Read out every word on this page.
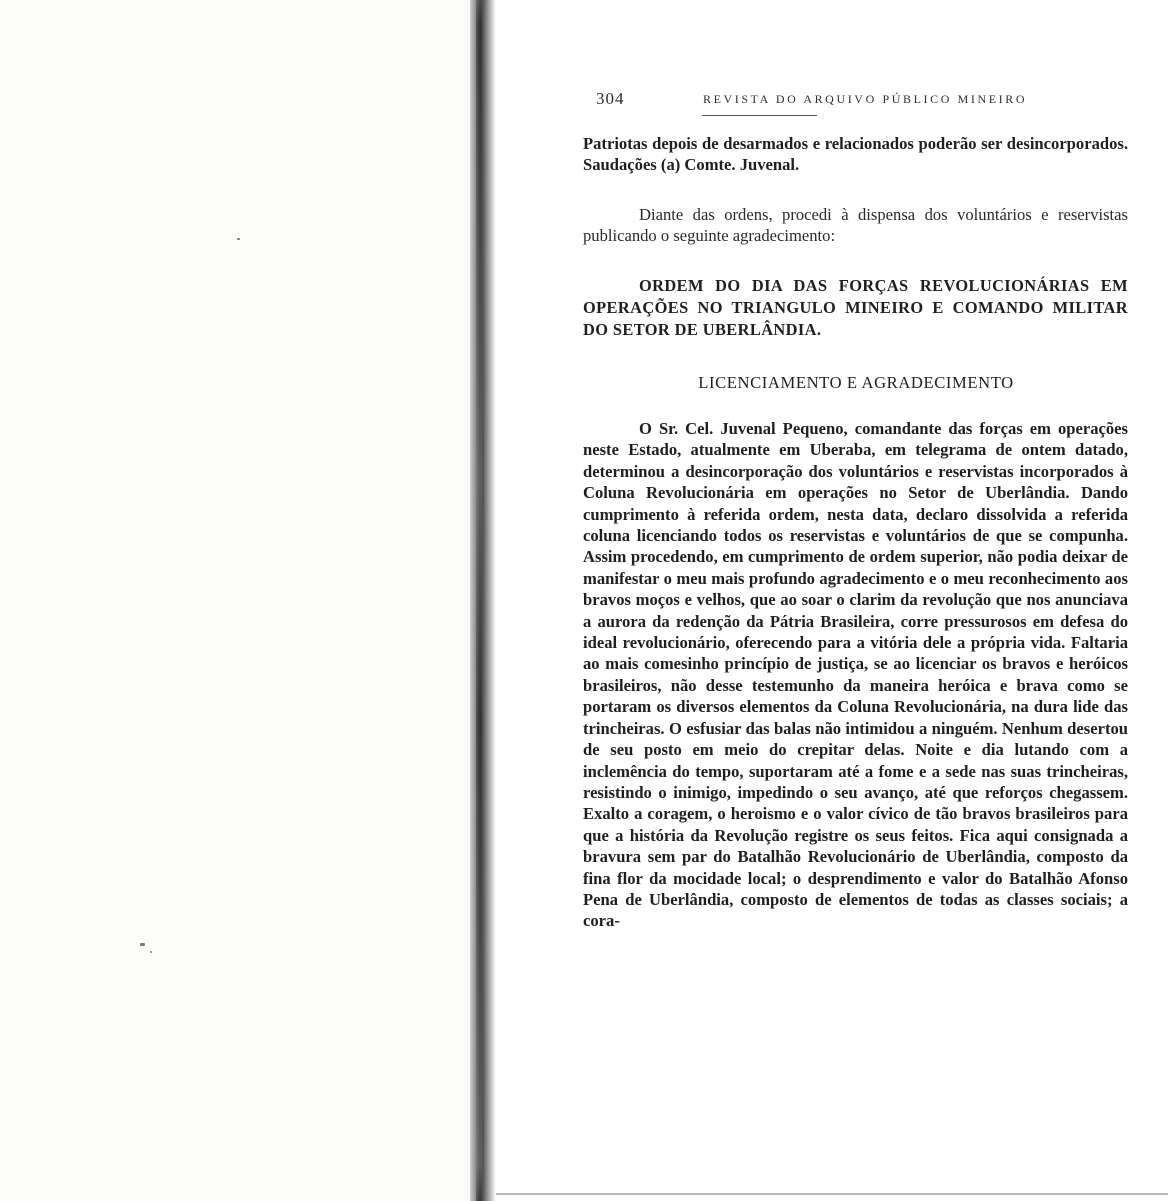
304	REVISTA DO ARQUIVO PÚBLICO MINEIRO

Patriotas depois de desarmados e relacionados poderão ser desincorporados. Saudações (a) Comte. Juvenal.

Diante das ordens, procedi à dispensa dos voluntários e reservistas publicando o seguinte agradecimento:

ORDEM DO DIA DAS FORÇAS REVOLUCIONÁRIAS EM OPERAÇÕES NO TRIANGULO MINEIRO E COMANDO MILITAR DO SETOR DE UBERLÂNDIA.

LICENCIAMENTO E AGRADECIMENTO

O Sr. Cel. Juvenal Pequeno, comandante das forças em operações neste Estado, atualmente em Uberaba, em telegrama de ontem datado, determinou a desincorporação dos voluntários e reservistas incorporados à Coluna Revolucionária em operações no Setor de Uberlândia. Dando cumprimento à referida ordem, nesta data, declaro dissolvida a referida coluna licenciando todos os reservistas e voluntários de que se compunha. Assim procedendo, em cumprimento de ordem superior, não podia deixar de manifestar o meu mais profundo agradecimento e o meu reconhecimento aos bravos moços e velhos, que ao soar o clarim da revolução que nos anunciava a aurora da redenção da Pátria Brasileira, corre pressurosos em defesa do ideal revolucionário, oferecendo para a vitória dele a própria vida. Faltaria ao mais comesinho princípio de justiça, se ao licenciar os bravos e heróicos brasileiros, não desse testemunho da maneira heróica e brava como se portaram os diversos elementos da Coluna Revolucionária, na dura lide das trincheiras. O esfusiar das balas não intimidou a ninguém. Nenhum desertou de seu posto em meio do crepitar delas. Noite e dia lutando com a inclemência do tempo, suportaram até a fome e a sede nas suas trincheiras, resistindo o inimigo, impedindo o seu avanço, até que reforços chegassem. Exalto a coragem, o heroismo e o valor cívico de tão bravos brasileiros para que a história da Revolução registre os seus feitos. Fica aqui consignada a bravura sem par do Batalhão Revolucionário de Uberlândia, composto da fina flor da mocidade local; o desprendimento e valor do Batalhão Afonso Pena de Uberlândia, composto de elementos de todas as classes sociais; a cora-
